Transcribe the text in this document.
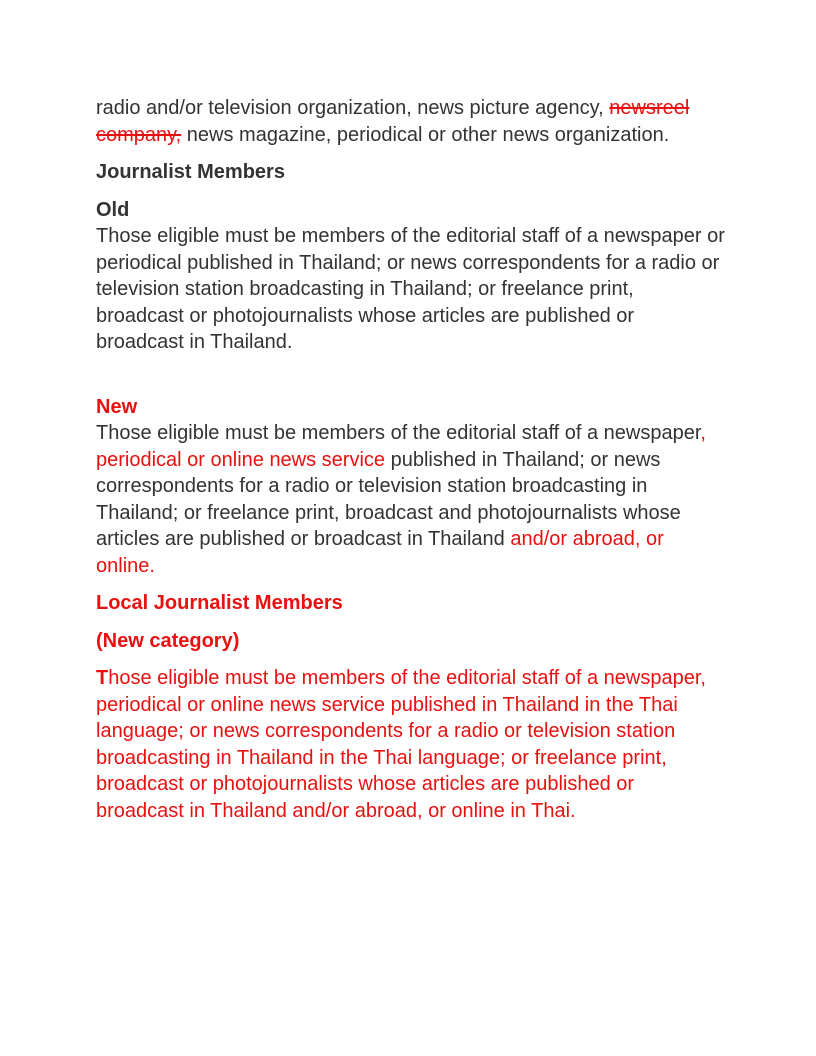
radio and/or television organization, news picture agency, newsreel company, news magazine, periodical or other news organization.

Journalist Members

Old

Those eligible must be members of the editorial staff of a newspaper or periodical published in Thailand; or news correspondents for a radio or television station broadcasting in Thailand; or freelance print, broadcast or photojournalists whose articles are published or broadcast in Thailand.

New

Those eligible must be members of the editorial staff of a newspaper, periodical or online news service published in Thailand; or news correspondents for a radio or television station broadcasting in Thailand; or freelance print, broadcast and photojournalists whose articles are published or broadcast in Thailand and/or abroad, or online.

Local Journalist Members

(New category)

Those eligible must be members of the editorial staff of a newspaper, periodical or online news service published in Thailand in the Thai language; or news correspondents for a radio or television station broadcasting in Thailand in the Thai language; or freelance print, broadcast or photojournalists whose articles are published or broadcast in Thailand and/or abroad, or online in Thai.
